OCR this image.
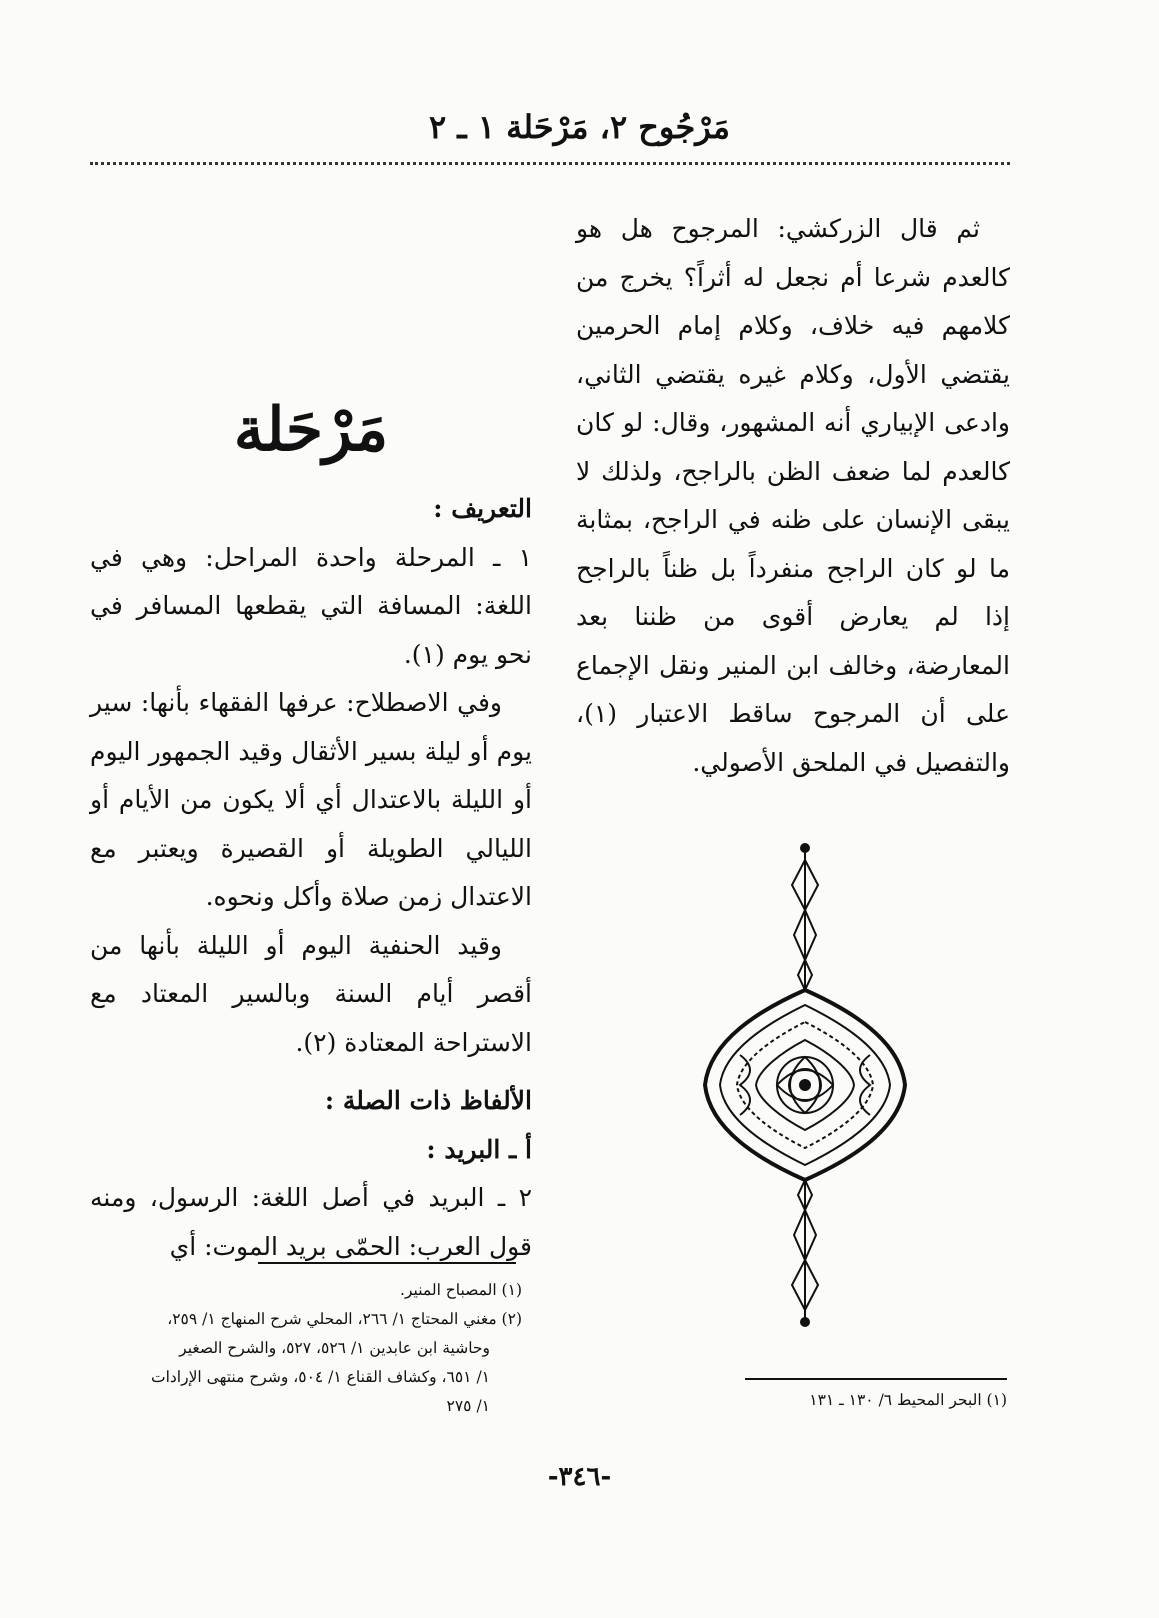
مَرْجُوح ٢، مَرْحَلة ١ ـ ٢

ثم قال الزركشي: المرجوح هل هو كالعدم شرعا أم نجعل له أثراً؟ يخرج من كلامهم فيه خلاف، وكلام إمام الحرمين يقتضي الأول، وكلام غيره يقتضي الثاني، وادعى الإبياري أنه المشهور، وقال: لو كان كالعدم لما ضعف الظن بالراجح، ولذلك لا يبقى الإنسان على ظنه في الراجح، بمثابة ما لو كان الراجح منفرداً بل ظناً بالراجح إذا لم يعارض أقوى من ظننا بعد المعارضة، وخالف ابن المنير ونقل الإجماع على أن المرجوح ساقط الاعتبار (١)، والتفصيل في الملحق الأصولي.

مَرْحَلة

التعريف :

١ ـ المرحلة واحدة المراحل: وهي في اللغة: المسافة التي يقطعها المسافر في نحو يوم (١).

وفي الاصطلاح: عرفها الفقهاء بأنها: سير يوم أو ليلة بسير الأثقال وقيد الجمهور اليوم أو الليلة بالاعتدال أي ألا يكون من الأيام أو الليالي الطويلة أو القصيرة ويعتبر مع الاعتدال زمن صلاة وأكل ونحوه.

وقيد الحنفية اليوم أو الليلة بأنها من أقصر أيام السنة وبالسير المعتاد مع الاستراحة المعتادة (٢).

الألفاظ ذات الصلة :

أ ـ البريد :

٢ ـ البريد في أصل اللغة: الرسول، ومنه قول العرب: الحمّى بريد الموت: أي

(١) المصباح المنير.

(٢) مغني المحتاج ١/ ٢٦٦، المحلي شرح المنهاج ١/ ٢٥٩،

وحاشية ابن عابدين ١/ ٥٢٦، ٥٢٧، والشرح الصغير

١/ ٦٥١، وكشاف القناع ١/ ٥٠٤، وشرح منتهى الإرادات

١/ ٢٧٥	(١) البحر المحيط ٦/ ١٣٠ ـ ١٣١

-٣٤٦-
